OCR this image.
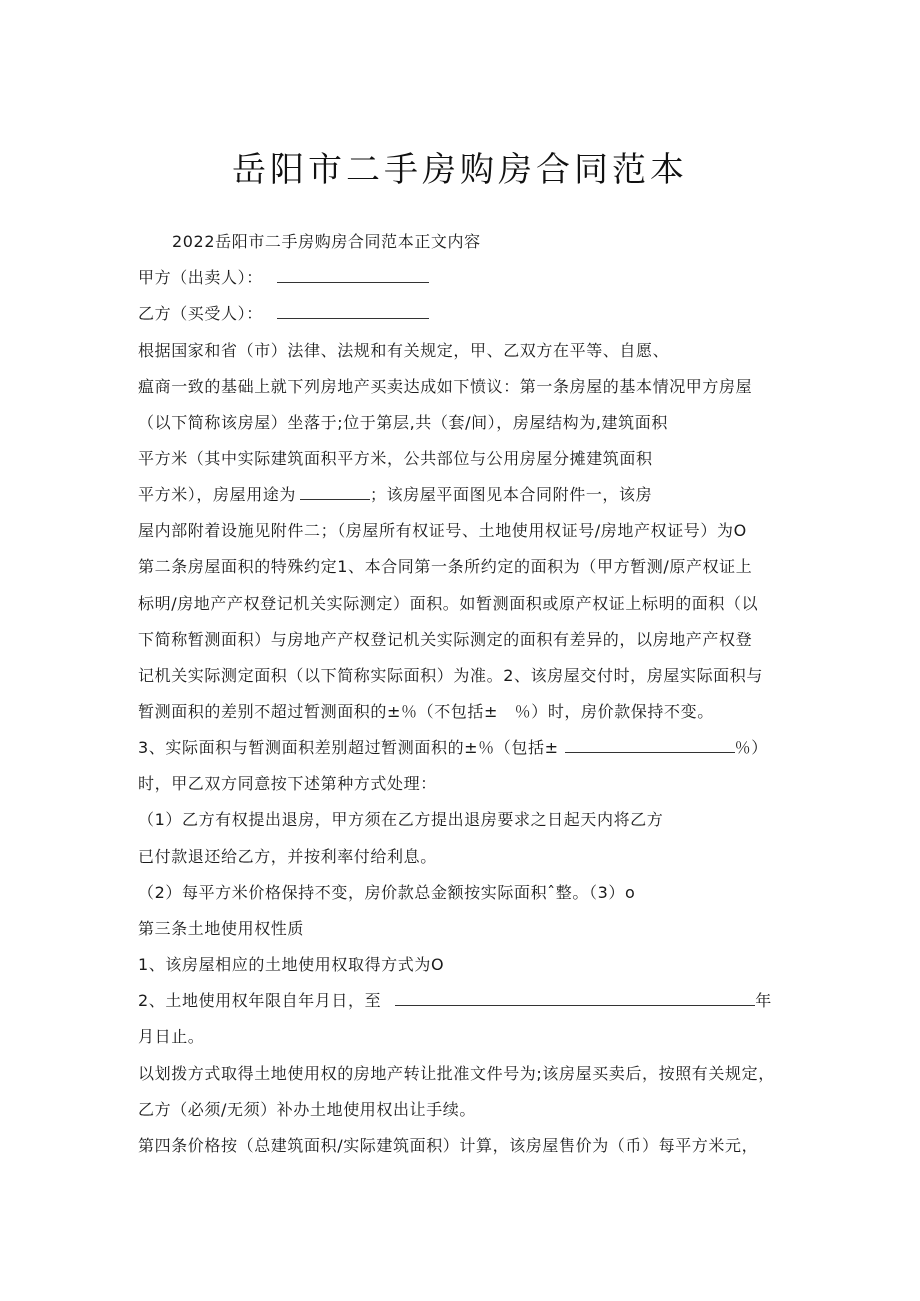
岳阳市二手房购房合同范本
2022岳阳市二手房购房合同范本正文内容
甲方（出卖人）：
乙方（买受人）：
根据国家和省（市）法律、法规和有关规定，甲、乙双方在平等、自愿、
瘟商一致的基础上就下列房地产买卖达成如下愤议：第一条房屋的基本情况甲方房屋
（以下简称该房屋）坐落于;位于第层,共（套/间），房屋结构为,建筑面积
平方米（其中实际建筑面积平方米，公共部位与公用房屋分摊建筑面积
平方米），房屋用途为	；该房屋平面图见本合同附件一，该房
屋内部附着设施见附件二；（房屋所有权证号、土地使用权证号/房地产权证号）为O
第二条房屋面积的特殊约定1、本合同第一条所约定的面积为（甲方暂测/原产权证上
标明/房地产产权登记机关实际测定）面积。如暂测面积或原产权证上标明的面积（以
下简称暂测面积）与房地产产权登记机关实际测定的面积有差异的，以房地产产权登
记机关实际测定面积（以下简称实际面积）为准。2、该房屋交付时，房屋实际面积与
暂测面积的差别不超过暂测面积的±％（不包括±　％）时，房价款保持不变。
3、实际面积与暂测面积差别超过暂测面积的±％（包括±	％）
时，甲乙双方同意按下述第种方式处理：
（1）乙方有权提出退房，甲方须在乙方提出退房要求之日起天内将乙方
已付款退还给乙方，并按利率付给利息。
（2）每平方米价格保持不变，房价款总金额按实际面积ˆ整。（3）o
第三条土地使用权性质
1、该房屋相应的土地使用权取得方式为O
2、土地使用权年限自年月日，至	年
月日止。
以划拨方式取得土地使用权的房地产转让批准文件号为;该房屋买卖后，按照有关规定，
乙方（必须/无须）补办土地使用权出让手续。
第四条价格按（总建筑面积/实际建筑面积）计算，该房屋售价为（币）每平方米元，
